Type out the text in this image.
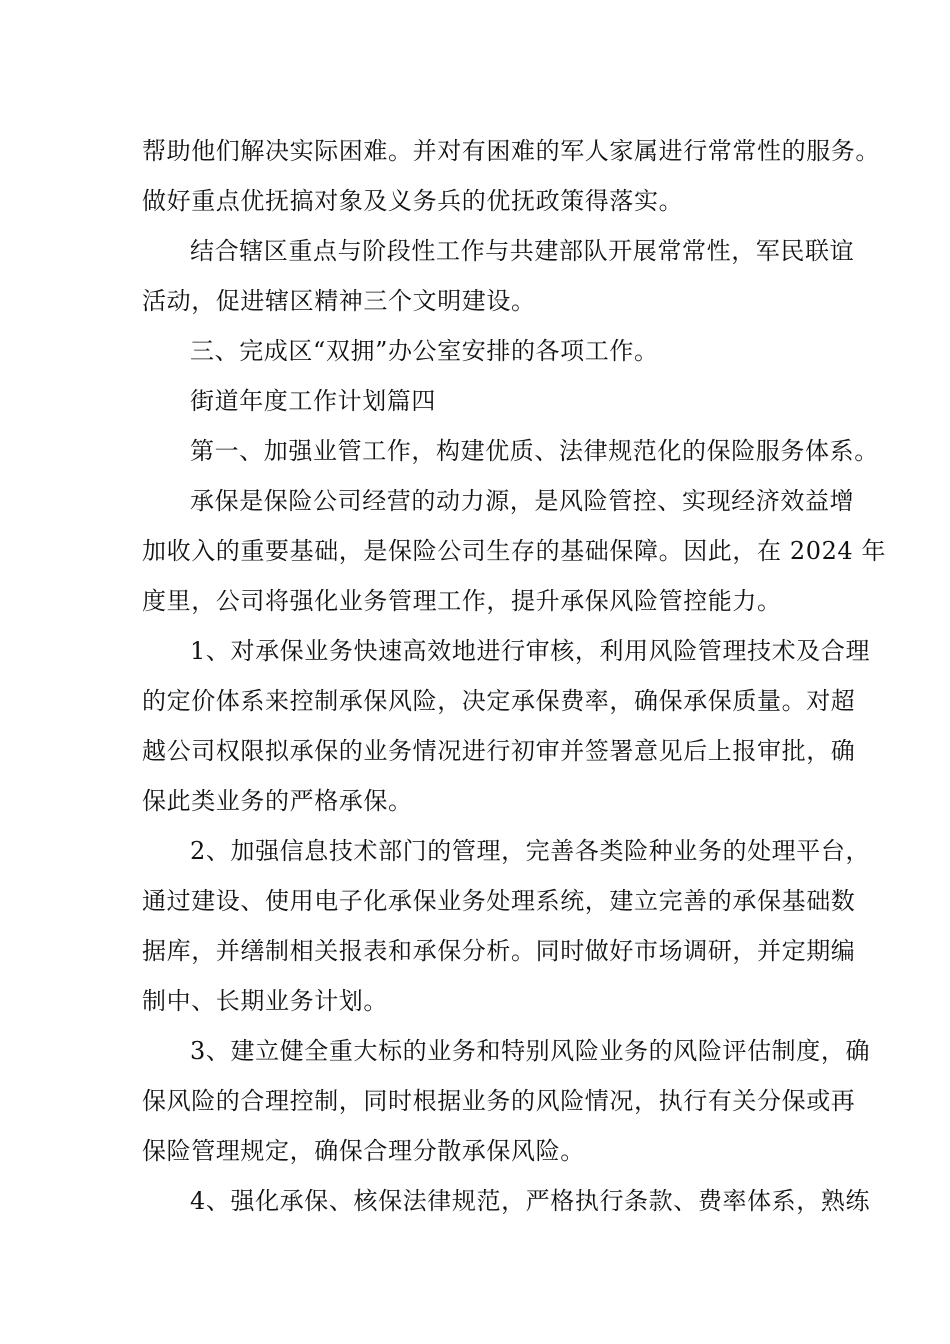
帮助他们解决实际困难。并对有困难的军人家属进行常常性的服务。
做好重点优抚搞对象及义务兵的优抚政策得落实。
结合辖区重点与阶段性工作与共建部队开展常常性，军民联谊
活动，促进辖区精神三个文明建设。
三、完成区“双拥”办公室安排的各项工作。
街道年度工作计划篇四
第一、加强业管工作，构建优质、法律规范化的保险服务体系。
承保是保险公司经营的动力源，是风险管控、实现经济效益增
加收入的重要基础，是保险公司生存的基础保障。因此，在 2024 年
度里，公司将强化业务管理工作，提升承保风险管控能力。
1、对承保业务快速高效地进行审核，利用风险管理技术及合理
的定价体系来控制承保风险，决定承保费率，确保承保质量。对超
越公司权限拟承保的业务情况进行初审并签署意见后上报审批，确
保此类业务的严格承保。
2、加强信息技术部门的管理，完善各类险种业务的处理平台，
通过建设、使用电子化承保业务处理系统，建立完善的承保基础数
据库，并缮制相关报表和承保分析。同时做好市场调研，并定期编
制中、长期业务计划。
3、建立健全重大标的业务和特别风险业务的风险评估制度，确
保风险的合理控制，同时根据业务的风险情况，执行有关分保或再
保险管理规定，确保合理分散承保风险。
4、强化承保、核保法律规范，严格执行条款、费率体系，熟练
